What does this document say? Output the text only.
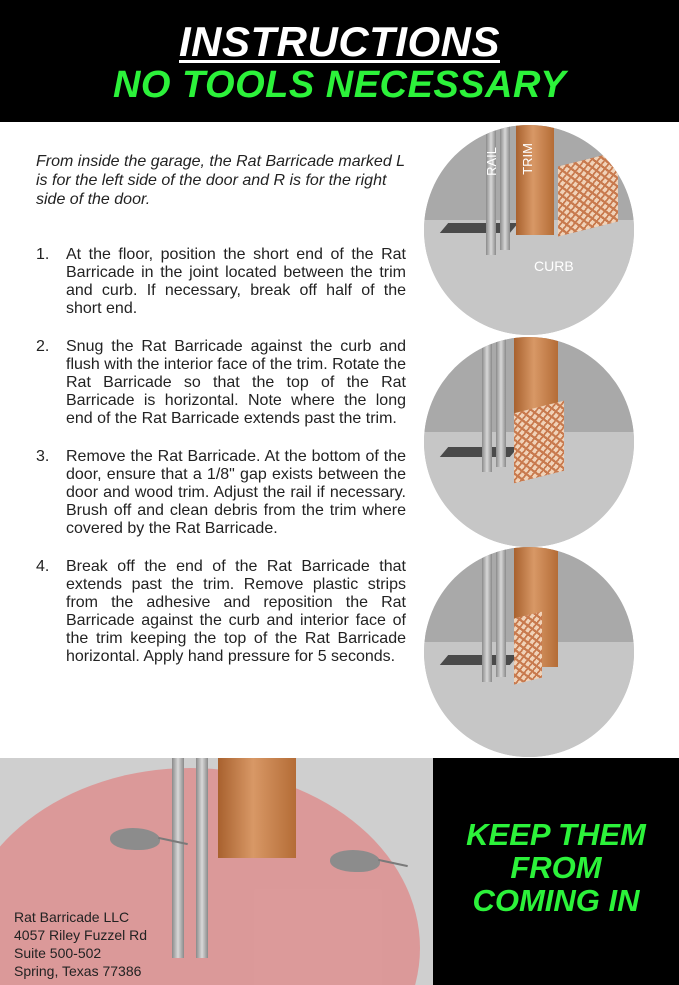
INSTRUCTIONS
NO TOOLS NECESSARY
From inside the garage, the Rat Barricade marked L is for the left side of the door and R is for the right side of the door.
1. At the floor, position the short end of the Rat Barricade in the joint located between the trim and curb. If necessary, break off half of the short end.
2. Snug the Rat Barricade against the curb and flush with the interior face of the trim. Rotate the Rat Barricade so that the top of the Rat Barricade is horizontal. Note where the long end of the Rat Barricade extends past the trim.
3. Remove the Rat Barricade. At the bottom of the door, ensure that a 1/8" gap exists between the door and wood trim. Adjust the rail if necessary. Brush off and clean debris from the trim where covered by the Rat Barricade.
4. Break off the end of the Rat Barricade that extends past the trim. Remove plastic strips from the adhesive and reposition the Rat Barricade against the curb and interior face of the trim keeping the top of the Rat Barricade horizontal. Apply hand pressure for 5 seconds.
RAIL TRIM
CURB
Rat Barricade LLC
4057 Riley Fuzzel Rd
Suite 500-502
Spring, Texas 77386
KEEP THEM
FROM
COMING IN
